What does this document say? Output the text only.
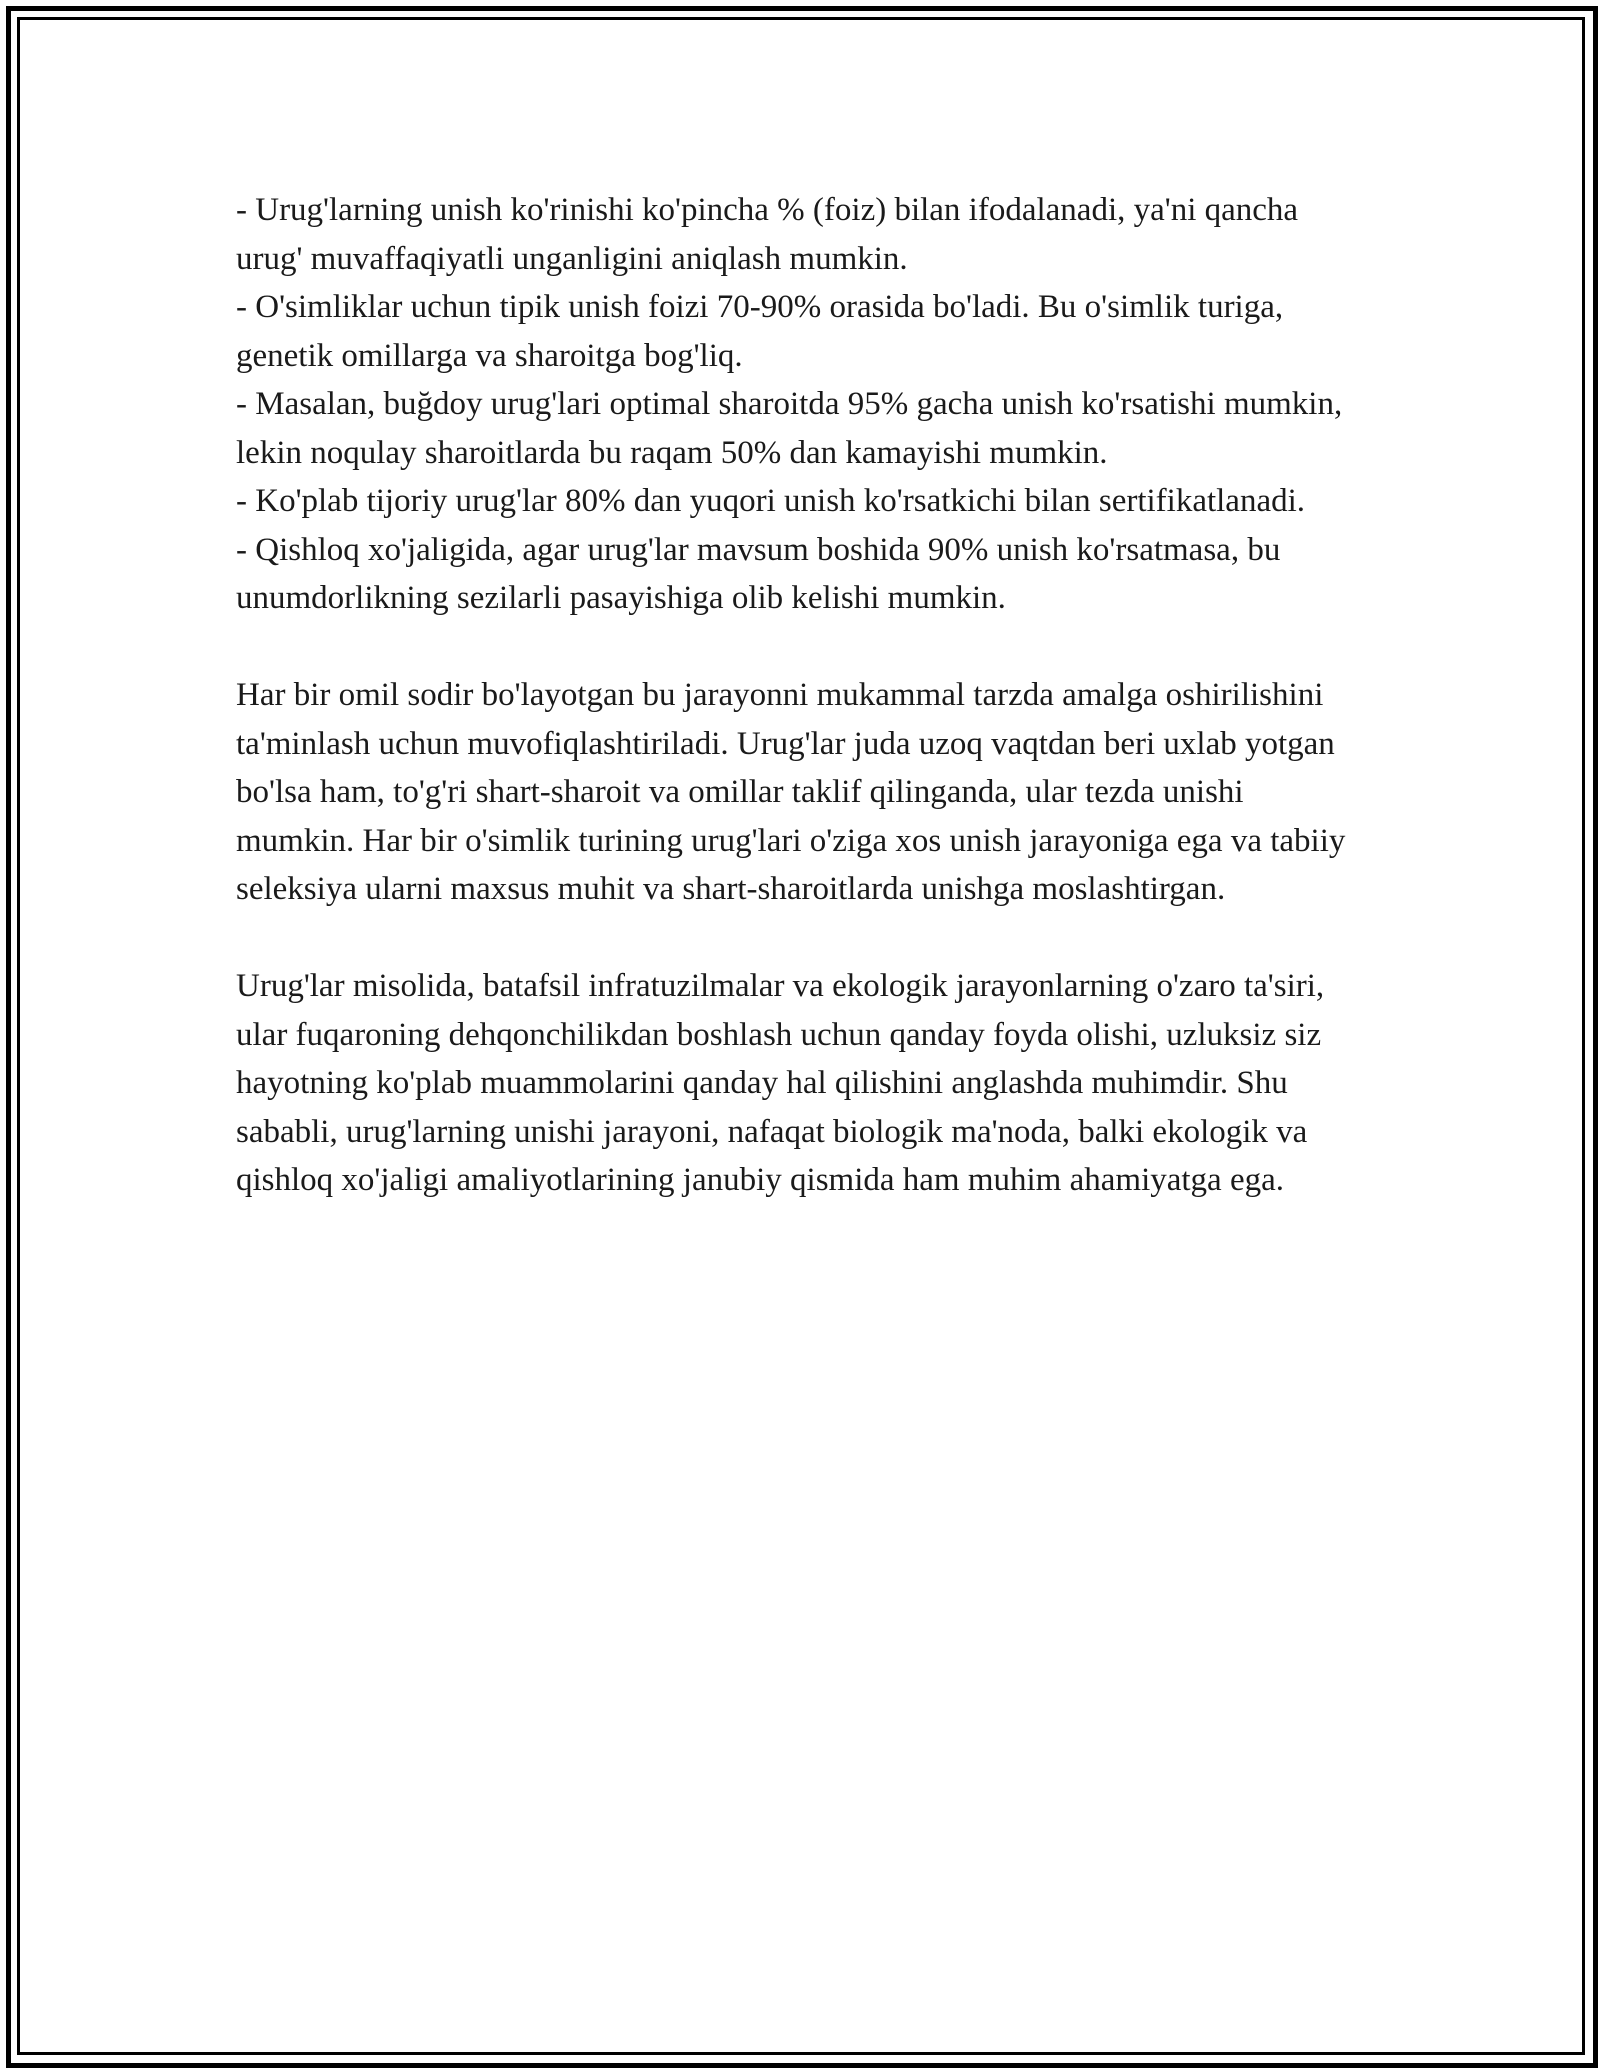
- Urug'larning unish ko'rinishi ko'pincha % (foiz) bilan ifodalanadi, ya'ni qancha urug' muvaffaqiyatli unganligini aniqlash mumkin.

- O'simliklar uchun tipik unish foizi 70-90% orasida bo'ladi. Bu o'simlik turiga, genetik omillarga va sharoitga bog'liq.

- Masalan, buğdoy urug'lari optimal sharoitda 95% gacha unish ko'rsatishi mumkin, lekin noqulay sharoitlarda bu raqam 50% dan kamayishi mumkin.

- Ko'plab tijoriy urug'lar 80% dan yuqori unish ko'rsatkichi bilan sertifikatlanadi.

- Qishloq xo'jaligida, agar urug'lar mavsum boshida 90% unish ko'rsatmasa, bu unumdorlikning sezilarli pasayishiga olib kelishi mumkin.

Har bir omil sodir bo'layotgan bu jarayonni mukammal tarzda amalga oshirilishini ta'minlash uchun muvofiqlashtiriladi. Urug'lar juda uzoq vaqtdan beri uxlab yotgan bo'lsa ham, to'g'ri shart-sharoit va omillar taklif qilinganda, ular tezda unishi mumkin. Har bir o'simlik turining urug'lari o'ziga xos unish jarayoniga ega va tabiiy seleksiya ularni maxsus muhit va shart-sharoitlarda unishga moslashtirgan.

Urug'lar misolida, batafsil infratuzilmalar va ekologik jarayonlarning o'zaro ta'siri, ular fuqaroning dehqonchilikdan boshlash uchun qanday foyda olishi, uzluksiz siz hayotning ko'plab muammolarini qanday hal qilishini anglashda muhimdir. Shu sababli, urug'larning unishi jarayoni, nafaqat biologik ma'noda, balki ekologik va qishloq xo'jaligi amaliyotlarining janubiy qismida ham muhim ahamiyatga ega.
